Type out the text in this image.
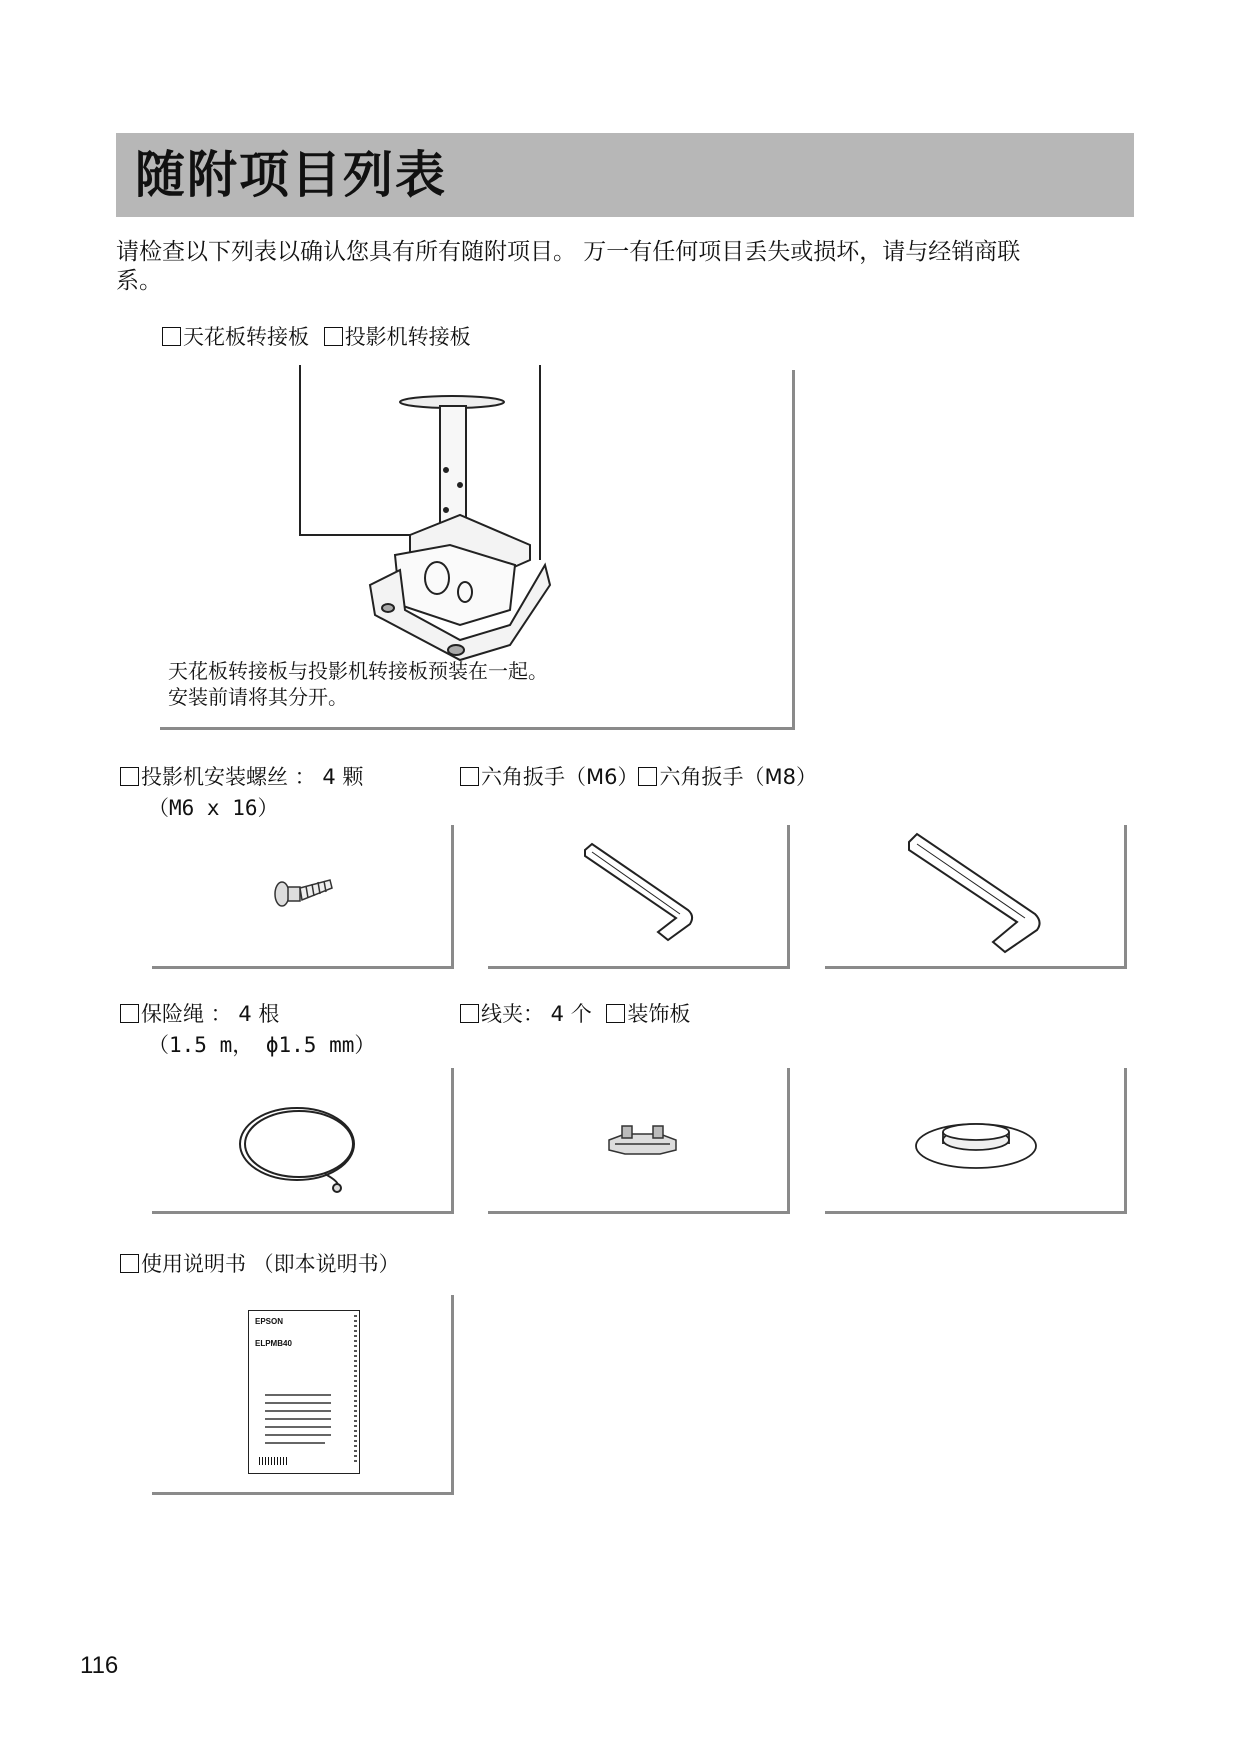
随附项目列表
请检查以下列表以确认您具有所有随附项目。 万一有任何项目丢失或损坏，请与经销商联
系。
天花板转接板 投影机转接板
天花板转接板与投影机转接板预装在一起。
安装前请将其分开。
投影机安装螺丝 ： 4 颗
（M6 x 16）
六角扳手（M6） 六角扳手（M8）
保险绳 ： 4 根
（1.5 m， ϕ1.5 mm）
线夹： 4 个 装饰板
使用说明书 （即本说明书）
EPSON
ELPMB40
116
